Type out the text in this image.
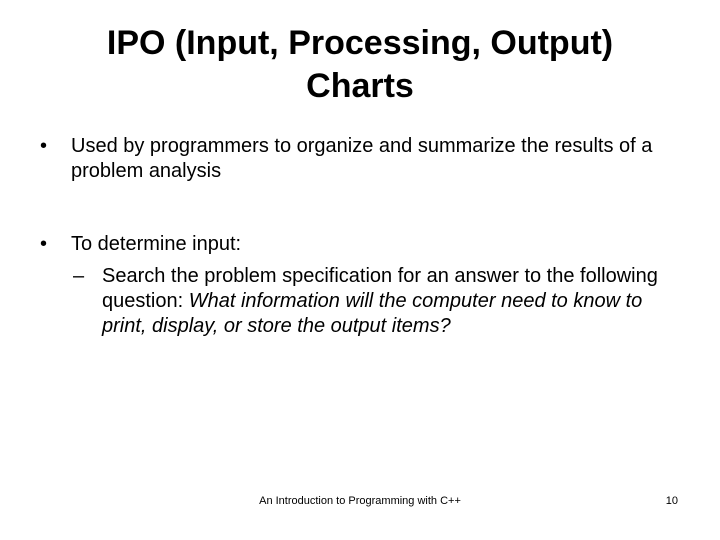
IPO (Input, Processing, Output)
Charts
• Used by programmers to organize and summarize the results of a problem analysis
• To determine input:
– Search the problem specification for an answer to the following question: What information will the computer need to know to print, display, or store the output items?
An Introduction to Programming with C++	10
